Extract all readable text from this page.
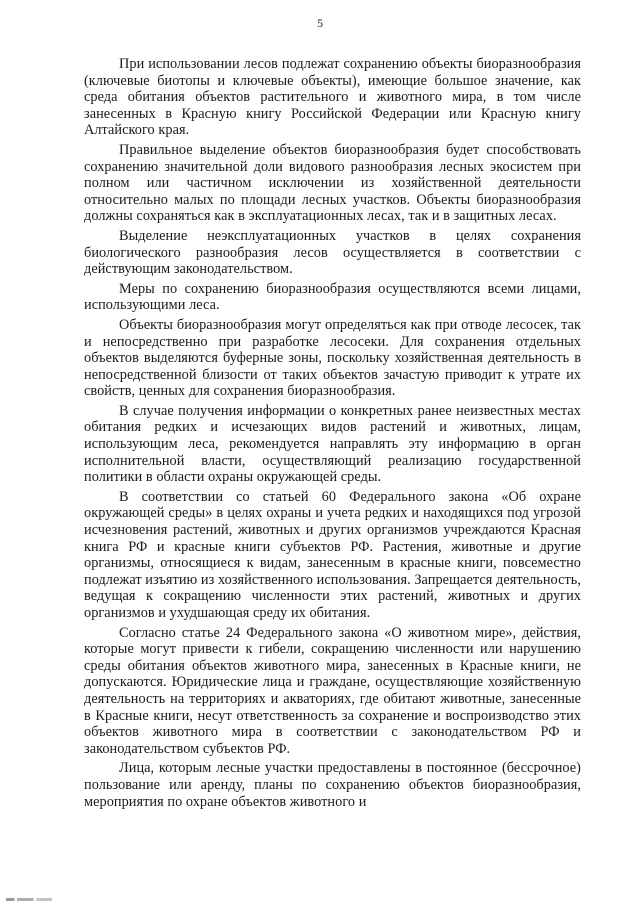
5

При использовании лесов подлежат сохранению объекты биоразнообразия (ключевые биотопы и ключевые объекты), имеющие большое значение, как среда обитания объектов растительного и животного мира, в том числе занесенных в Красную книгу Российской Федерации или Красную книгу Алтайского края.

Правильное выделение объектов биоразнообразия будет способствовать сохранению значительной доли видового разнообразия лесных экосистем при полном или частичном исключении из хозяйственной деятельности относительно малых по площади лесных участков. Объекты биоразнообразия должны сохраняться как в эксплуатационных лесах, так и в защитных лесах.

Выделение неэксплуатационных участков в целях сохранения биологического разнообразия лесов осуществляется в соответствии с действующим законодательством.

Меры по сохранению биоразнообразия осуществляются всеми лицами, использующими леса.

Объекты биоразнообразия могут определяться как при отводе лесосек, так и непосредственно при разработке лесосеки. Для сохранения отдельных объектов выделяются буферные зоны, поскольку хозяйственная деятельность в непосредственной близости от таких объектов зачастую приводит к утрате их свойств, ценных для сохранения биоразнообразия.

В случае получения информации о конкретных ранее неизвестных местах обитания редких и исчезающих видов растений и животных, лицам, использующим леса, рекомендуется направлять эту информацию в орган исполнительной власти, осуществляющий реализацию государственной политики в области охраны окружающей среды.

В соответствии со статьей 60 Федерального закона «Об охране окружающей среды» в целях охраны и учета редких и находящихся под угрозой исчезновения растений, животных и других организмов учреждаются Красная книга РФ и красные книги субъектов РФ. Растения, животные и другие организмы, относящиеся к видам, занесенным в красные книги, повсеместно подлежат изъятию из хозяйственного использования. Запрещается деятельность, ведущая к сокращению численности этих растений, животных и других организмов и ухудшающая среду их обитания.

Согласно статье 24 Федерального закона «О животном мире», действия, которые могут привести к гибели, сокращению численности или нарушению среды обитания объектов животного мира, занесенных в Красные книги, не допускаются. Юридические лица и граждане, осуществляющие хозяйственную деятельность на территориях и акваториях, где обитают животные, занесенные в Красные книги, несут ответственность за сохранение и воспроизводство этих объектов животного мира в соответствии с законодательством РФ и законодательством субъектов РФ.

Лица, которым лесные участки предоставлены в постоянное (бессрочное) пользование или аренду, планы по сохранению объектов биоразнообразия, мероприятия по охране объектов животного и
